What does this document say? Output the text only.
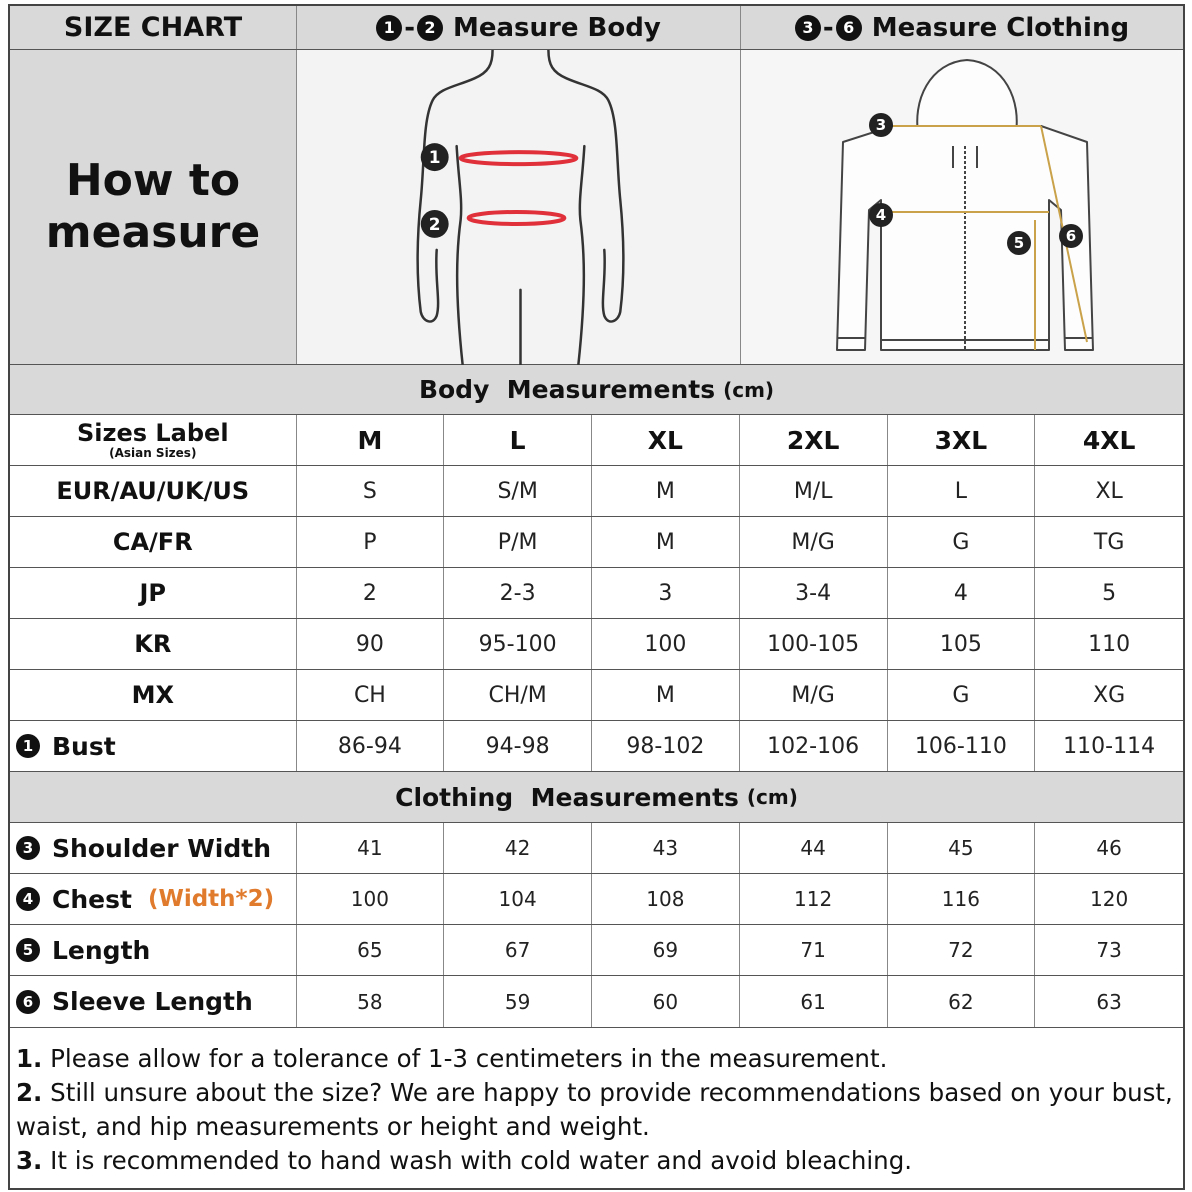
SIZE CHART	1 - 2 Measure Body	3 - 6 Measure Clothing
How to
measure
1
2
3
4
5	6
Body  Measurements (cm)
Sizes Label
(Asian Sizes)	M	L	XL	2XL	3XL	4XL
EUR/AU/UK/US	S	S/M	M	M/L	L	XL
CA/FR	P	P/M	M	M/G	G	TG
JP	2	2-3	3	3-4	4	5
KR	90	95-100	100	100-105	105	110
MX	CH	CH/M	M	M/G	G	XG
1 Bust	86-94	94-98	98-102	102-106	106-110	110-114
Clothing  Measurements (cm)
3 Shoulder Width	41	42	43	44	45	46
4 Chest (Width*2)	100	104	108	112	116	120
5 Length	65	67	69	71	72	73
6 Sleeve Length	58	59	60	61	62	63
1. Please allow for a tolerance of 1-3 centimeters in the measurement.
2. Still unsure about the size? We are happy to provide recommendations based on your bust, waist, and hip measurements or height and weight.
3. It is recommended to hand wash with cold water and avoid bleaching.
